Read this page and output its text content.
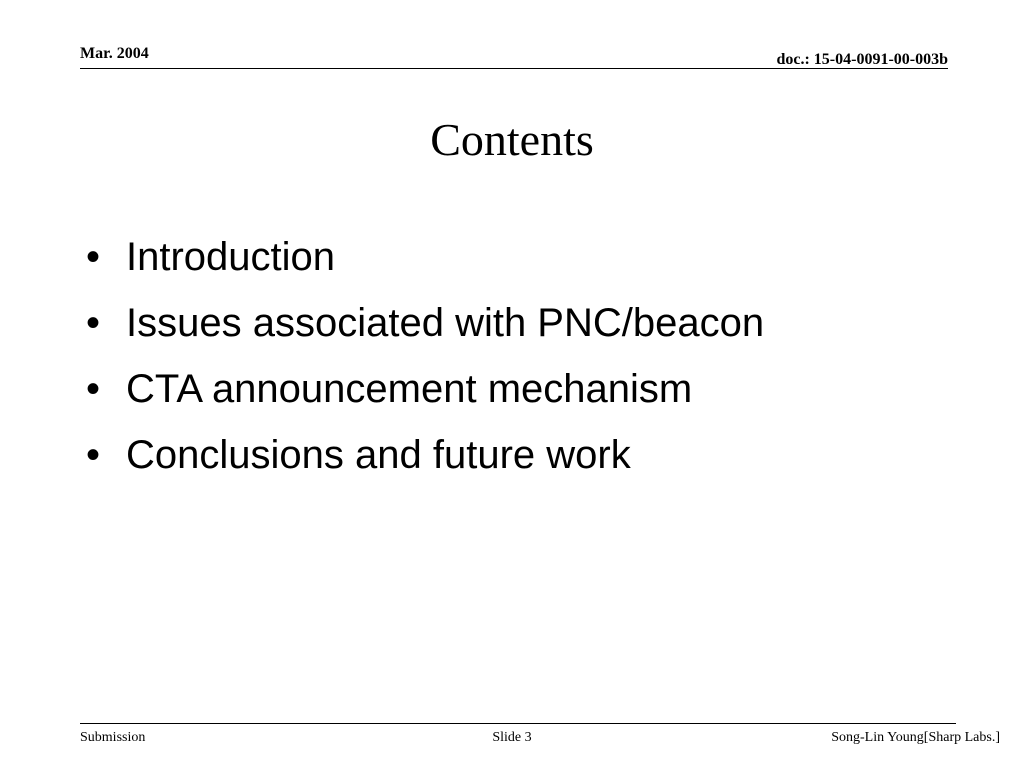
Mar. 2004	doc.: 15-04-0091-00-003b
Contents
• Introduction
• Issues associated with PNC/beacon
• CTA announcement mechanism
• Conclusions and future work
Submission	Slide 3	Song-Lin Young[Sharp Labs.]
